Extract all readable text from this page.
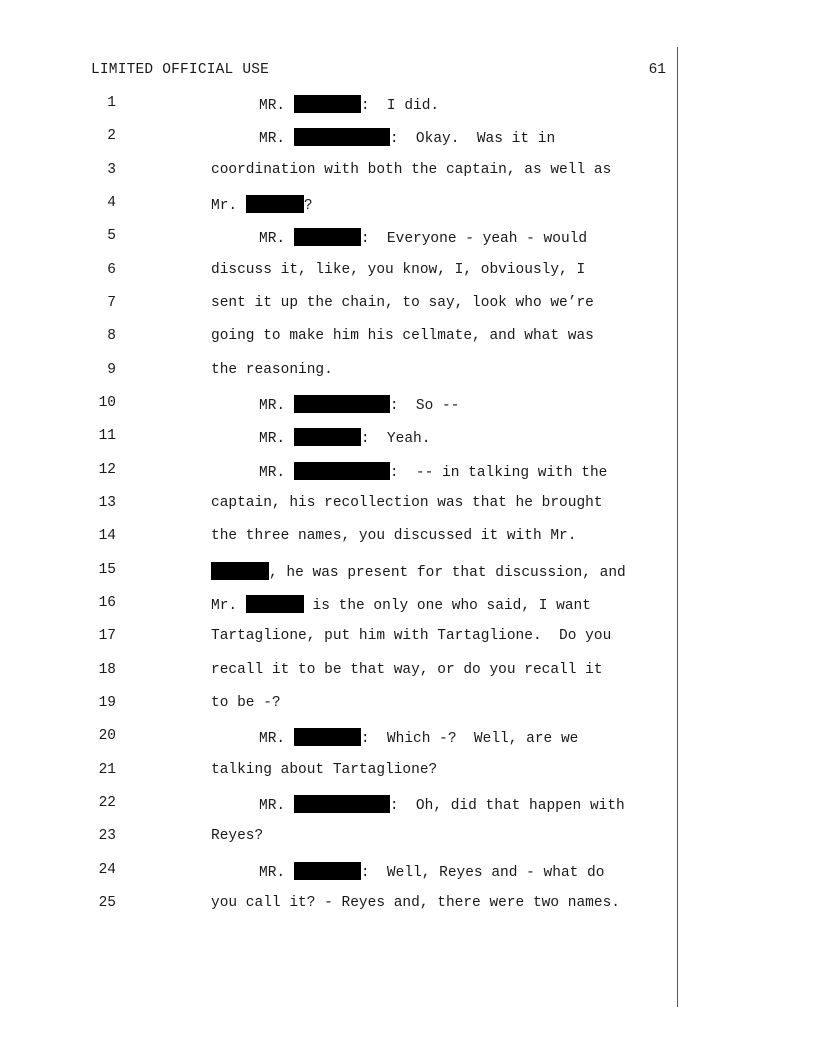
LIMITED OFFICIAL USE	61

1

	MR.	:  I did.

2

	MR.	:  Okay.  Was it in

3

	coordination with both the captain, as well as

4

	Mr.	?

5

	MR.	:  Everyone - yeah - would

6

	discuss it, like, you know, I, obviously, I

7

	sent it up the chain, to say, look who we’re

8

	going to make him his cellmate, and what was

9

	the reasoning.

10

	MR.	:  So --

11

	MR.	:  Yeah.

12

	MR.	:  -- in talking with the

13

	captain, his recollection was that he brought

14

	the three names, you discussed it with Mr.

15

	, he was present for that discussion, and

16

	Mr.	is the only one who said, I want

17

	Tartaglione, put him with Tartaglione.  Do you

18

	recall it to be that way, or do you recall it

19

	to be -?

20

	MR.	:  Which -?  Well, are we

21

	talking about Tartaglione?

22

	MR.	:  Oh, did that happen with

23

	Reyes?

24

	MR.	:  Well, Reyes and - what do

25

	you call it? - Reyes and, there were two names.
